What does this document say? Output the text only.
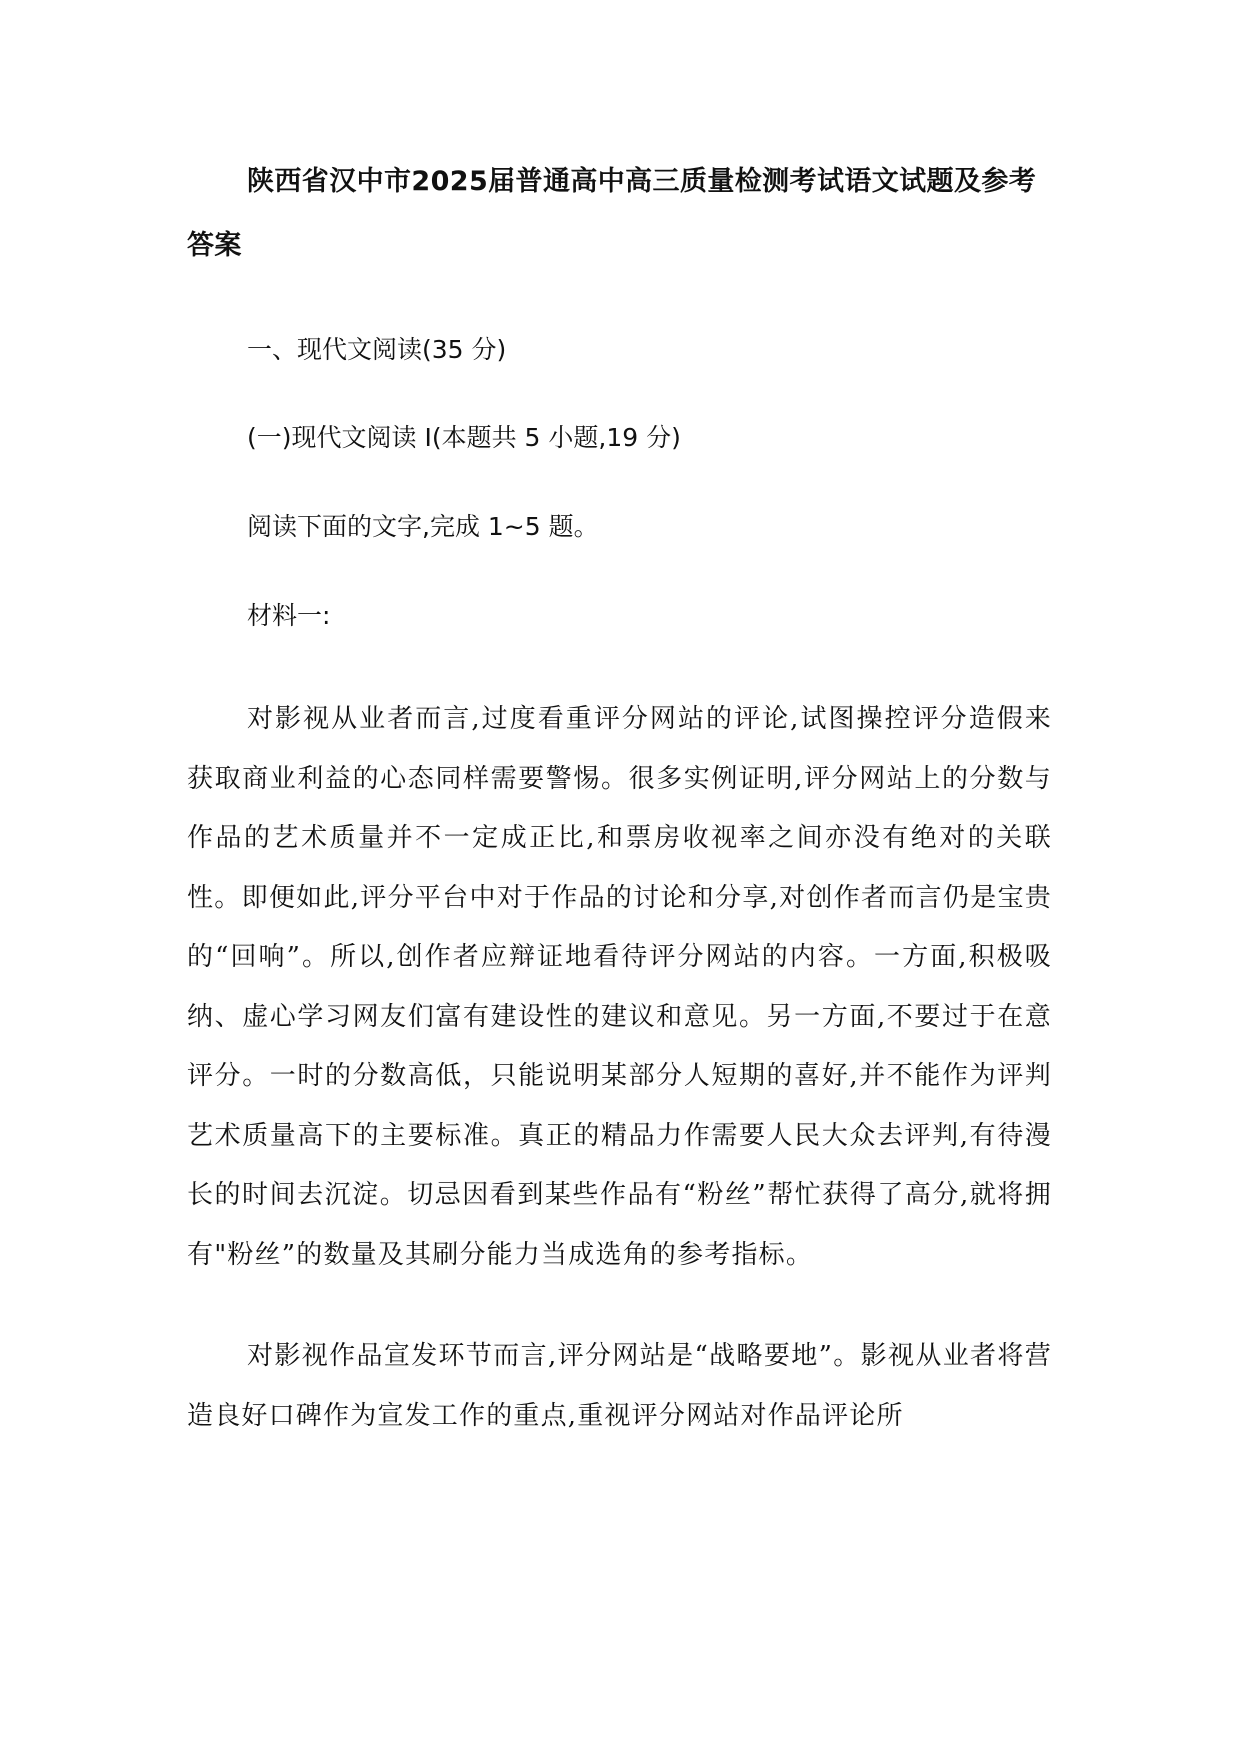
陕西省汉中市2025届普通高中高三质量检测考试语文试题及参考答案

一、现代文阅读(35 分)

(一)现代文阅读 I(本题共 5 小题,19 分)

阅读下面的文字,完成 1~5 题。

材料一:

对影视从业者而言,过度看重评分网站的评论,试图操控评分造假来获取商业利益的心态同样需要警惕。很多实例证明,评分网站上的分数与作品的艺术质量并不一定成正比,和票房收视率之间亦没有绝对的关联性。即便如此,评分平台中对于作品的讨论和分享,对创作者而言仍是宝贵的“回响”。所以,创作者应辩证地看待评分网站的内容。一方面,积极吸纳、虚心学习网友们富有建设性的建议和意见。另一方面,不要过于在意评分。一时的分数高低，只能说明某部分人短期的喜好,并不能作为评判艺术质量高下的主要标准。真正的精品力作需要人民大众去评判,有待漫长的时间去沉淀。切忌因看到某些作品有“粉丝”帮忙获得了高分,就将拥有"粉丝”的数量及其刷分能力当成选角的参考指标。

对影视作品宣发环节而言,评分网站是“战略要地”。影视从业者将营造良好口碑作为宣发工作的重点,重视评分网站对作品评论所
